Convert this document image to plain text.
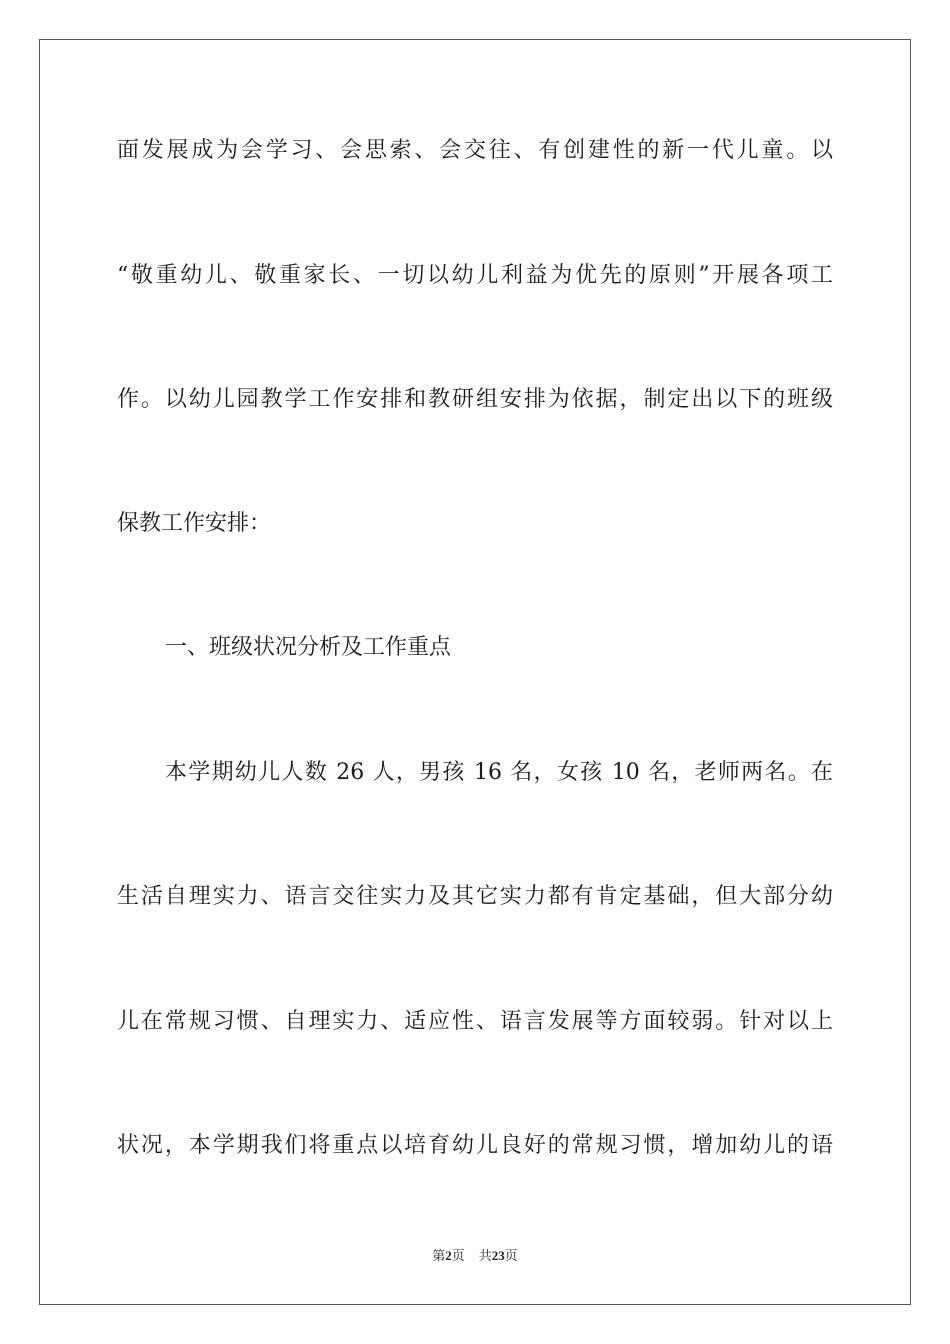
面发展成为会学习、会思索、会交往、有创建性的新一代儿童。以
“敬重幼儿、敬重家长、一切以幼儿利益为优先的原则”开展各项工
作。以幼儿园教学工作安排和教研组安排为依据，制定出以下的班级
保教工作安排：
一、班级状况分析及工作重点
本学期幼儿人数 26 人，男孩 16 名，女孩 10 名，老师两名。在
生活自理实力、语言交往实力及其它实力都有肯定基础，但大部分幼
儿在常规习惯、自理实力、适应性、语言发展等方面较弱。针对以上
状况，本学期我们将重点以培育幼儿良好的常规习惯，增加幼儿的语
第2页 共23页
